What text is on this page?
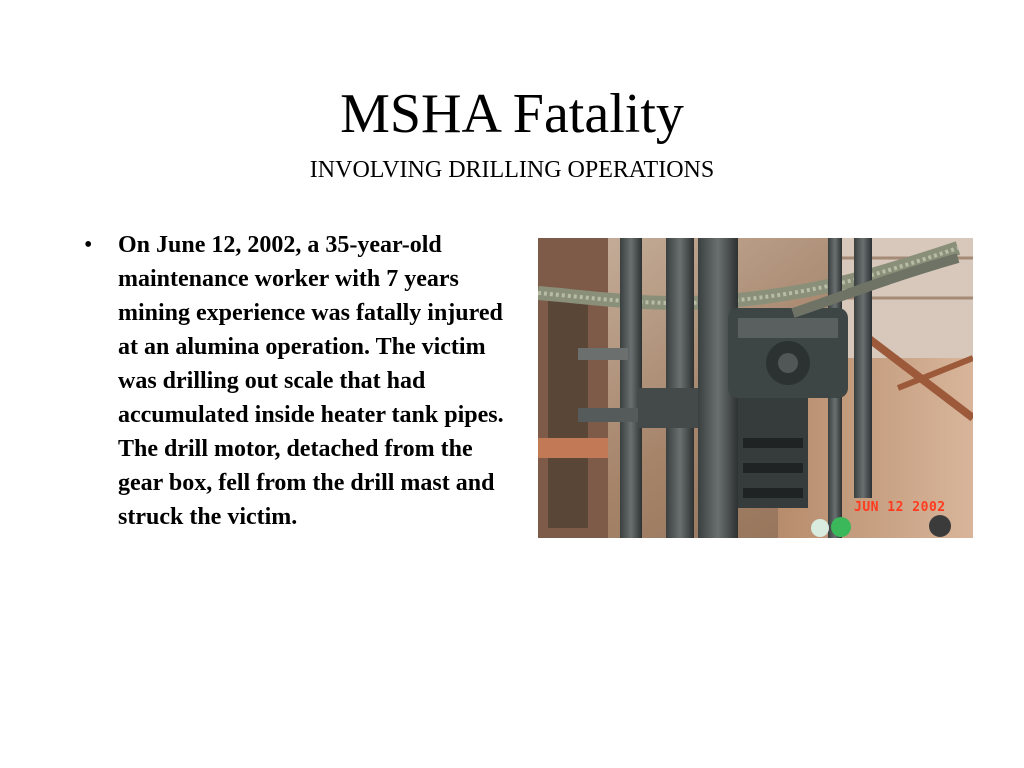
MSHA Fatality

INVOLVING DRILLING OPERATIONS

• On June 12, 2002, a 35-year-old maintenance worker with 7 years mining experience was fatally injured at an alumina operation. The victim was drilling out scale that had accumulated inside heater tank pipes. The drill motor, detached from the gear box, fell from the drill mast and struck the victim.	JUN 12 2002
